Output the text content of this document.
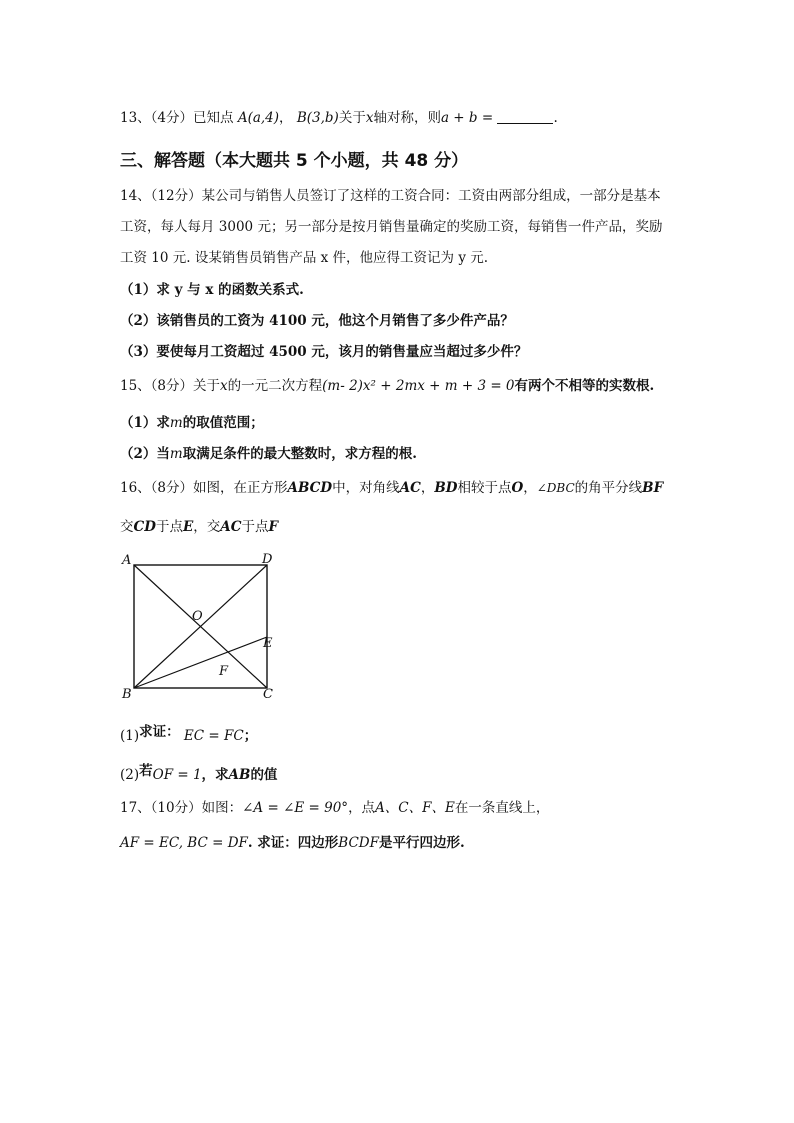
13、（4分）已知点 A(a,4)， B(3,b)关于x轴对称，则a + b =	.
三、解答题（本大题共 5 个小题，共 48 分）
14、（12分）某公司与销售人员签订了这样的工资合同：工资由两部分组成，一部分是基本
工资，每人每月 3000 元；另一部分是按月销售量确定的奖励工资，每销售一件产品，奖励
工资 10 元. 设某销售员销售产品 x 件，他应得工资记为 y 元.
（1）求 y 与 x 的函数关系式.
（2）该销售员的工资为 4100 元，他这个月销售了多少件产品？
（3）要使每月工资超过 4500 元，该月的销售量应当超过多少件？
15、（8分）关于x的一元二次方程(m- 2)x² + 2mx + m + 3 = 0有两个不相等的实数根.
（1）求m的取值范围；
（2）当m取满足条件的最大整数时，求方程的根.
16、（8分）如图，在正方形ABCD中，对角线AC，BD相较于点O，∠DBC的角平分线BF
交CD于点E，交AC于点F
A	D
O
E
F
B	C
(1)求证： EC = FC；
(2)若OF = 1，求AB的值
17、（10分）如图：∠A = ∠E = 90°，点A、C、F、E在一条直线上，
AF = EC, BC = DF. 求证：四边形BCDF是平行四边形.
